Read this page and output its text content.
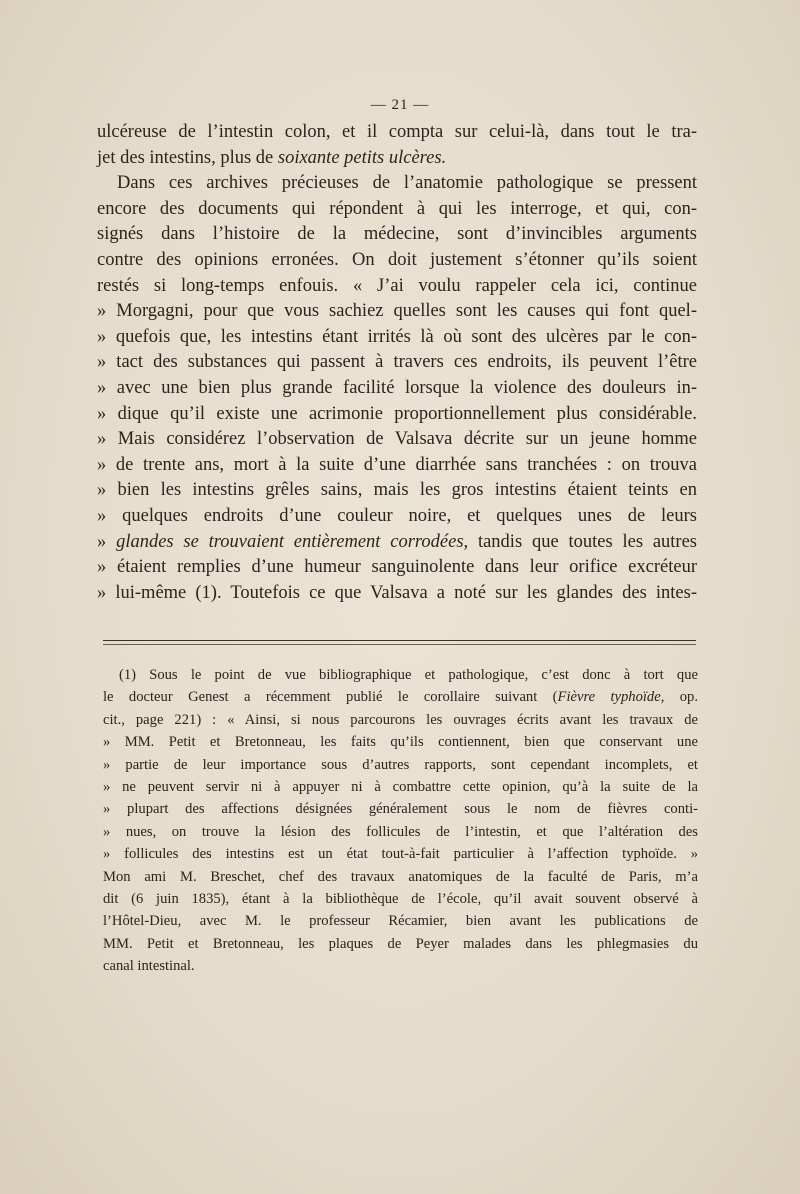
— 21 —
ulcéreuse de l’intestin colon, et il compta sur celui-là, dans tout le tra-
jet des intestins, plus de soixante petits ulcères.
Dans ces archives précieuses de l’anatomie pathologique se pressent
encore des documents qui répondent à qui les interroge, et qui, con-
signés dans l’histoire de la médecine, sont d’invincibles arguments
contre des opinions erronées. On doit justement s’étonner qu’ils soient
restés si long-temps enfouis. « J’ai voulu rappeler cela ici, continue
» Morgagni, pour que vous sachiez quelles sont les causes qui font quel-
» quefois que, les intestins étant irrités là où sont des ulcères par le con-
» tact des substances qui passent à travers ces endroits, ils peuvent l’être
» avec une bien plus grande facilité lorsque la violence des douleurs in-
» dique qu’il existe une acrimonie proportionnellement plus considérable.
» Mais considérez l’observation de Valsava décrite sur un jeune homme
» de trente ans, mort à la suite d’une diarrhée sans tranchées : on trouva
» bien les intestins grêles sains, mais les gros intestins étaient teints en
» quelques endroits d’une couleur noire, et quelques unes de leurs
» glandes se trouvaient entièrement corrodées, tandis que toutes les autres
» étaient remplies d’une humeur sanguinolente dans leur orifice excréteur
» lui-même (1). Toutefois ce que Valsava a noté sur les glandes des intes-
(1) Sous le point de vue bibliographique et pathologique, c’est donc à tort que
le docteur Genest a récemment publié le corollaire suivant (Fièvre typhoïde, op.
cit., page 221) : « Ainsi, si nous parcourons les ouvrages écrits avant les travaux de
» MM. Petit et Bretonneau, les faits qu’ils contiennent, bien que conservant une
» partie de leur importance sous d’autres rapports, sont cependant incomplets, et
» ne peuvent servir ni à appuyer ni à combattre cette opinion, qu’à la suite de la
» plupart des affections désignées généralement sous le nom de fièvres conti-
» nues, on trouve la lésion des follicules de l’intestin, et que l’altération des
» follicules des intestins est un état tout-à-fait particulier à l’affection typhoïde. »
Mon ami M. Breschet, chef des travaux anatomiques de la faculté de Paris, m’a
dit (6 juin 1835), étant à la bibliothèque de l’école, qu’il avait souvent observé à
l’Hôtel-Dieu, avec M. le professeur Récamier, bien avant les publications de
MM. Petit et Bretonneau, les plaques de Peyer malades dans les phlegmasies du
canal intestinal.
